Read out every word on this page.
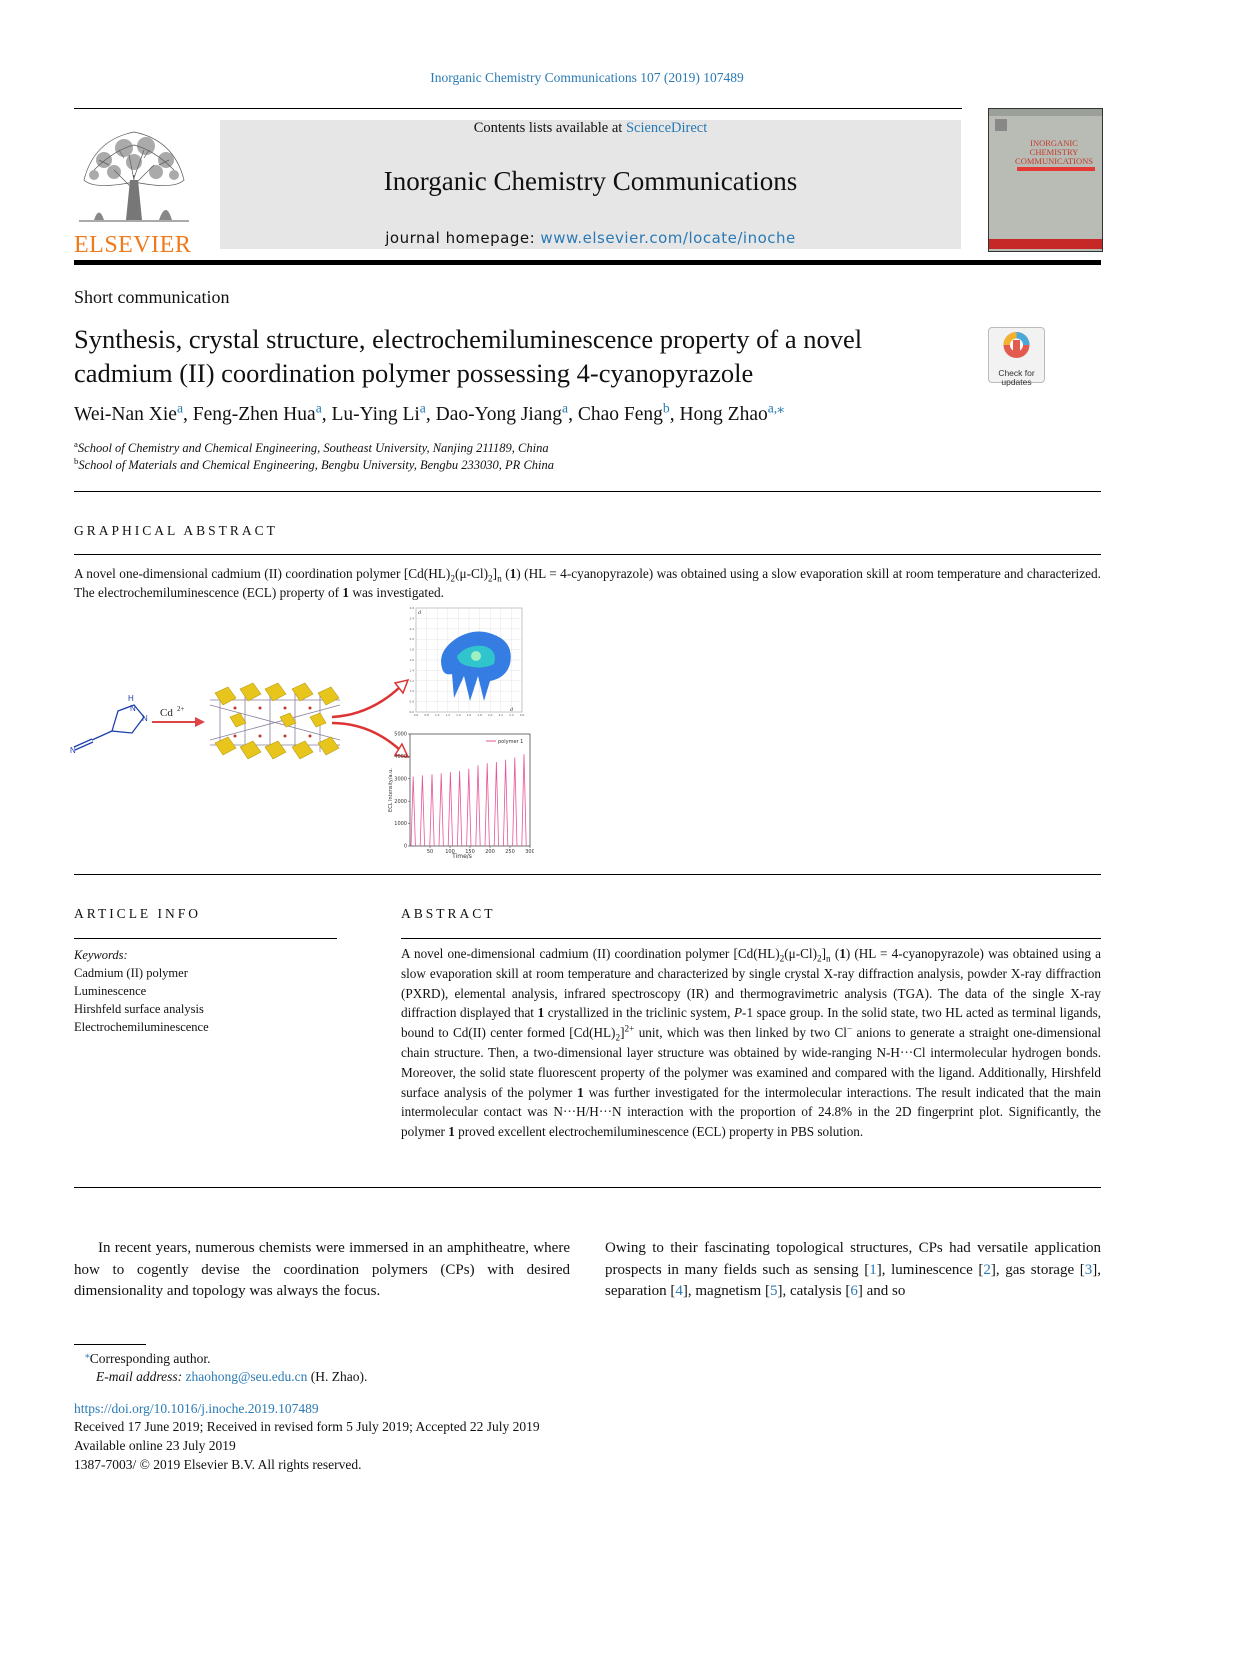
Inorganic Chemistry Communications 107 (2019) 107489
ELSEVIER
Contents lists available at ScienceDirect
Inorganic Chemistry Communications
journal homepage: www.elsevier.com/locate/inoche
INORGANIC CHEMISTRY COMMUNICATIONS
Short communication
Synthesis, crystal structure, electrochemiluminescence property of a novel
cadmium (II) coordination polymer possessing 4-cyanopyrazole	Check for updates
Wei-Nan Xie$^a$, Feng-Zhen Hua$^a$, Lu-Ying Li$^a$, Dao-Yong Jiang$^a$, Chao Feng$^b$, Hong Zhao$^{a,⁎}$
$^a$School of Chemistry and Chemical Engineering, Southeast University, Nanjing 211189, China
$^b$School of Materials and Chemical Engineering, Bengbu University, Bengbu 233030, PR China
GRAPHICAL ABSTRACT
A novel one-dimensional cadmium (II) coordination polymer $[Cd(HL)_2(\mu-Cl)_2]_n$ (1) (HL = 4-cyanopyrazole) was obtained using a slow evaporation skill at room temperature and characterized. The electrochemiluminescence (ECL) property of 1 was investigated.
N
N
H
N Cd 2+
0.6 0.8 1.0 1.2 1.4 1.6 1.8 2.0 2.2 2.4 2.6
2.6
2.4
2.2
2.0
1.8
1.6
1.4
1.2
1.0
0.8
0.6	d
d
0
1000
2000
3000
4000
5000
50 100 150 200 250 300
polymer 1
Time/s
ECL Intensity/a.u.
ARTICLE INFO
Keywords:
Cadmium (II) polymer
Luminescence
Hirshfeld surface analysis
Electrochemiluminescence
ABSTRACT
A novel one-dimensional cadmium (II) coordination polymer $[Cd(HL)_2(\mu-Cl)_2]_n$ (1) (HL = 4-cyanopyrazole) was obtained using a slow evaporation skill at room temperature and characterized by single crystal X-ray diffraction analysis, powder X-ray diffraction (PXRD), elemental analysis, infrared spectroscopy (IR) and thermogravimetric analysis (TGA). The data of the single X-ray diffraction displayed that 1 crystallized in the triclinic system, P-1 space group. In the solid state, two HL acted as terminal ligands, bound to Cd(II) center formed $[Cd(HL)_2]^{2+}$ unit, which was then linked by two Cl− anions to generate a straight one-dimensional chain structure. Then, a two-dimensional layer structure was obtained by wide-ranging N-H···Cl intermolecular hydrogen bonds. Moreover, the solid state fluorescent property of the polymer was examined and compared with the ligand. Additionally, Hirshfeld surface analysis of the polymer 1 was further investigated for the intermolecular interactions. The result indicated that the main intermolecular contact was N···H/H···N interaction with the proportion of 24.8% in the 2D fingerprint plot. Significantly, the polymer 1 proved excellent electrochemiluminescence (ECL) property in PBS solution.
In recent years, numerous chemists were immersed in an amphitheatre, where how to cogently devise the coordination polymers (CPs) with desired dimensionality and topology was always the focus.
Owing to their fascinating topological structures, CPs had versatile application prospects in many fields such as sensing [1], luminescence [2], gas storage [3], separation [4], magnetism [5], catalysis [6] and so
⁎Corresponding author.
E-mail address: zhaohong@seu.edu.cn (H. Zhao).
https://doi.org/10.1016/j.inoche.2019.107489
Received 17 June 2019; Received in revised form 5 July 2019; Accepted 22 July 2019
Available online 23 July 2019
1387-7003/ © 2019 Elsevier B.V. All rights reserved.
